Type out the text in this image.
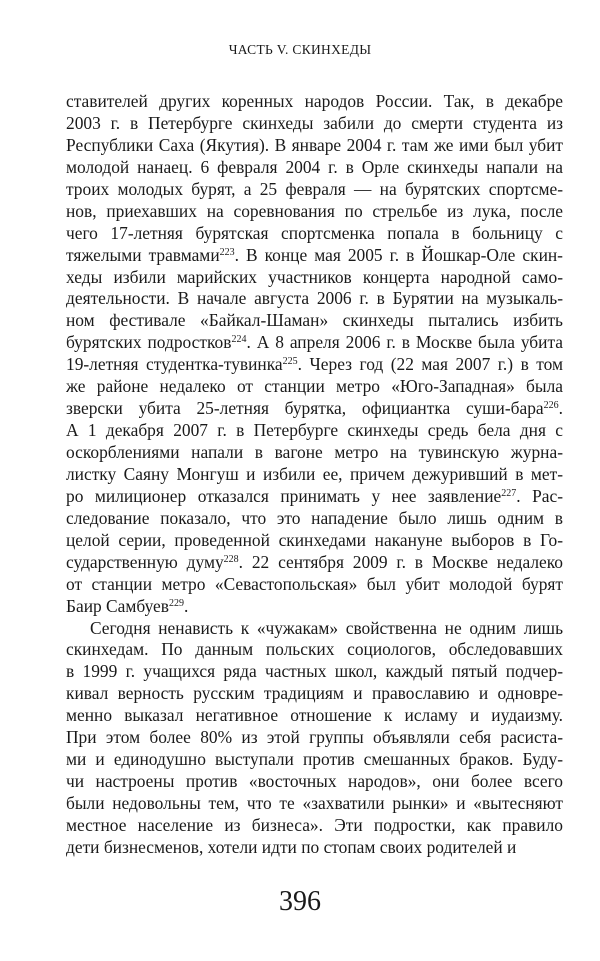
ЧАСТЬ V. СКИНХЕДЫ
ставителей других коренных народов России. Так, в декабре
2003 г. в Петербурге скинхеды забили до смерти студента из
Республики Саха (Якутия). В январе 2004 г. там же ими был убит
молодой нанаец. 6 февраля 2004 г. в Орле скинхеды напали на
троих молодых бурят, а 25 февраля — на бурятских спортсме-
нов, приехавших на соревнования по стрельбе из лука, после
чего 17-летняя бурятская спортсменка попала в больницу с
тяжелыми травмами$^{223}$. В конце мая 2005 г. в Йошкар-Оле скин-
хеды избили марийских участников концерта народной само-
деятельности. В начале августа 2006 г. в Бурятии на музыкаль-
ном фестивале «Байкал-Шаман» скинхеды пытались избить
бурятских подростков$^{224}$. А 8 апреля 2006 г. в Москве была убита
19-летняя студентка-тувинка$^{225}$. Через год (22 мая 2007 г.) в том
же районе недалеко от станции метро «Юго-Западная» была
зверски убита 25-летняя бурятка, официантка суши-бара$^{226}$.
А 1 декабря 2007 г. в Петербурге скинхеды средь бела дня с
оскорблениями напали в вагоне метро на тувинскую журна-
листку Саяну Монгуш и избили ее, причем дежуривший в мет-
ро милиционер отказался принимать у нее заявление$^{227}$. Рас-
следование показало, что это нападение было лишь одним в
целой серии, проведенной скинхедами накануне выборов в Го-
сударственную думу$^{228}$. 22 сентября 2009 г. в Москве недалеко
от станции метро «Севастопольская» был убит молодой бурят
Баир Самбуев$^{229}$.
Сегодня ненависть к «чужакам» свойственна не одним лишь
скинхедам. По данным польских социологов, обследовавших
в 1999 г. учащихся ряда частных школ, каждый пятый подчер-
кивал верность русским традициям и православию и одновре-
менно выказал негативное отношение к исламу и иудаизму.
При этом более 80% из этой группы объявляли себя расиста-
ми и единодушно выступали против смешанных браков. Буду-
чи настроены против «восточных народов», они более всего
были недовольны тем, что те «захватили рынки» и «вытесняют
местное население из бизнеса». Эти подростки, как правило
дети бизнесменов, хотели идти по стопам своих родителей и
396
